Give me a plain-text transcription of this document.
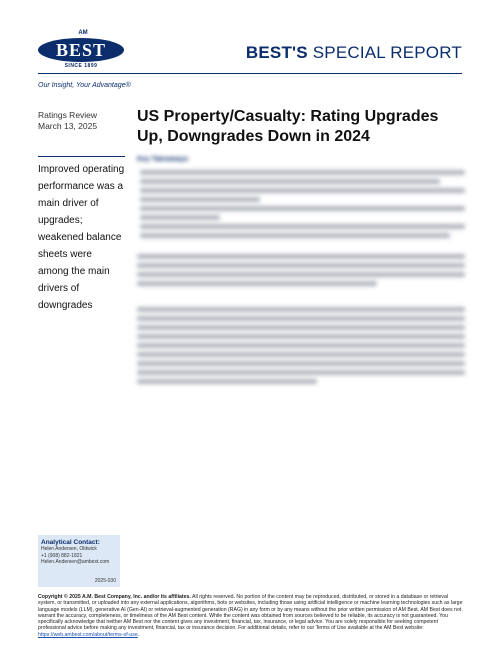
AM
BEST
SINCE 1899
BEST'S SPECIAL REPORT
Our Insight, Your Advantage®
Ratings Review
March 13, 2025
US Property/Casualty: Rating Upgrades Up, Downgrades Down in 2024

Improved operating performance was a main driver of upgrades; weakened balance sheets were among the main drivers of downgrades

Key Takeaways
Analytical Contact:
Helen Andersen, Oldwick
+1 (908) 882-1821
Helen.Andersen@ambest.com
2025-030
Copyright © 2025 A.M. Best Company, Inc. and/or its affiliates. All rights reserved. No portion of the content may be reproduced, distributed, or stored in a database or retrieval system, or transmitted, or uploaded into any external applications, algorithms, bots or websites, including those using artificial intelligence or machine learning technologies such as large language models (LLM), generative AI (Gen-AI) or retrieval-augmented generation (RAG) in any form or by any means without the prior written permission of AM Best. AM Best does not warrant the accuracy, completeness, or timeliness of the AM Best content. While the content was obtained from sources believed to be reliable, its accuracy is not guaranteed. You specifically acknowledge that neither AM Best nor the content gives any investment, financial, tax, insurance, or legal advice. You are solely responsible for seeking competent professional advice before making any investment, financial, tax or insurance decision. For additional details, refer to our Terms of Use available at the AM Best website: https://web.ambest.com/about/terms-of-use.
